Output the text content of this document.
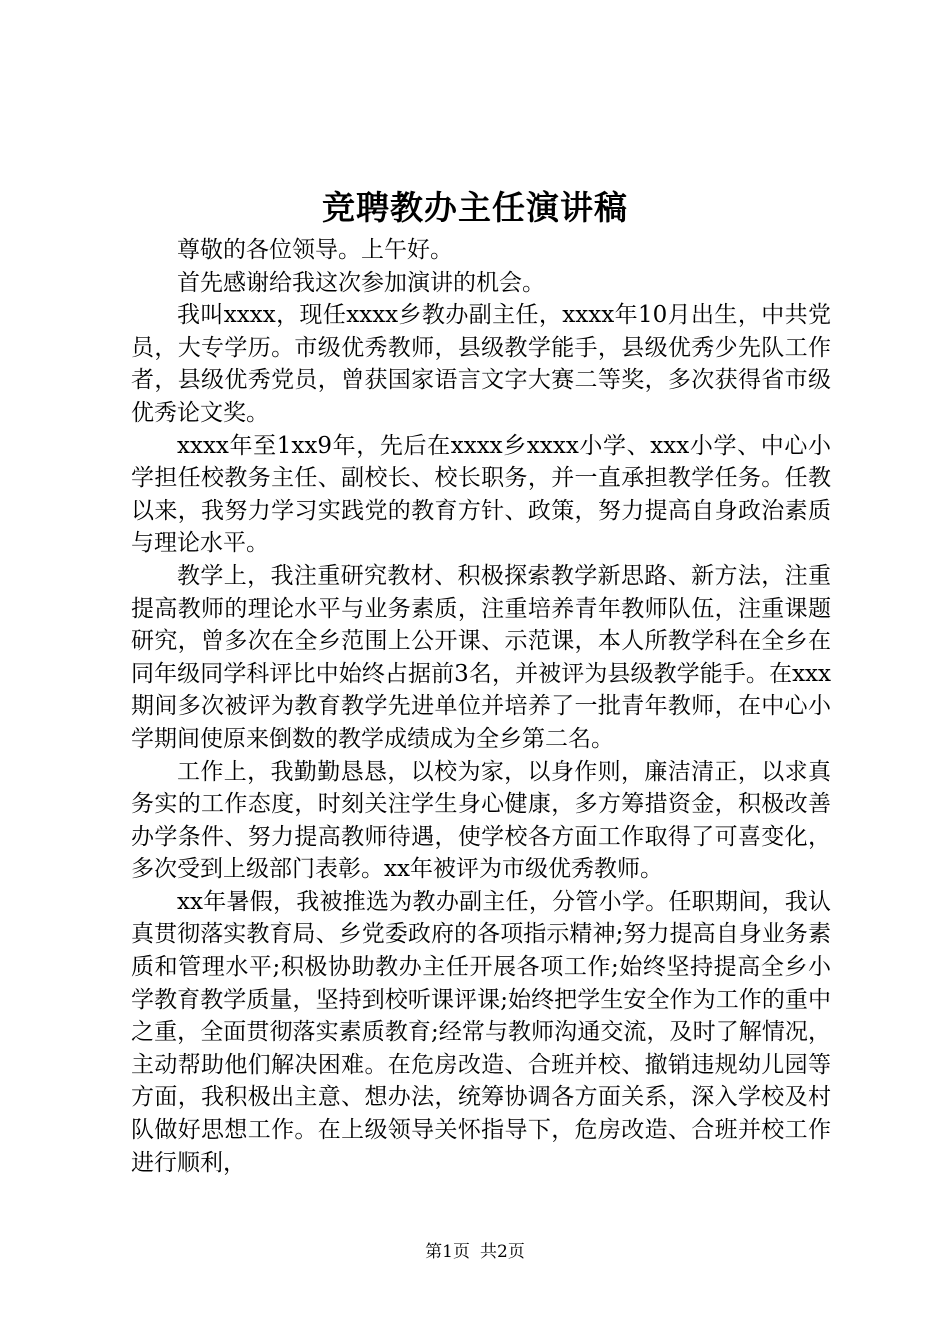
竞聘教办主任演讲稿

尊敬的各位领导。上午好。

首先感谢给我这次参加演讲的机会。

我叫xxxx，现任xxxx乡教办副主任，xxxx年10月出生，中共党员，大专学历。市级优秀教师，县级教学能手，县级优秀少先队工作者，县级优秀党员，曾获国家语言文字大赛二等奖，多次获得省市级优秀论文奖。

xxxx年至1xx9年，先后在xxxx乡xxxx小学、xxx小学、中心小学担任校教务主任、副校长、校长职务，并一直承担教学任务。任教以来，我努力学习实践党的教育方针、政策，努力提高自身政治素质与理论水平。

教学上，我注重研究教材、积极探索教学新思路、新方法，注重提高教师的理论水平与业务素质，注重培养青年教师队伍，注重课题研究，曾多次在全乡范围上公开课、示范课，本人所教学科在全乡在同年级同学科评比中始终占据前3名，并被评为县级教学能手。在xxx期间多次被评为教育教学先进单位并培养了一批青年教师，在中心小学期间使原来倒数的教学成绩成为全乡第二名。

工作上，我勤勤恳恳，以校为家，以身作则，廉洁清正，以求真务实的工作态度，时刻关注学生身心健康，多方筹措资金，积极改善办学条件、努力提高教师待遇，使学校各方面工作取得了可喜变化，多次受到上级部门表彰。xx年被评为市级优秀教师。

xx年暑假，我被推选为教办副主任，分管小学。任职期间，我认真贯彻落实教育局、乡党委政府的各项指示精神;努力提高自身业务素质和管理水平;积极协助教办主任开展各项工作;始终坚持提高全乡小学教育教学质量，坚持到校听课评课;始终把学生安全作为工作的重中之重，全面贯彻落实素质教育;经常与教师沟通交流，及时了解情况，主动帮助他们解决困难。在危房改造、合班并校、撤销违规幼儿园等方面，我积极出主意、想办法，统筹协调各方面关系，深入学校及村队做好思想工作。在上级领导关怀指导下，危房改造、合班并校工作进行顺利，

第1页 共2页
